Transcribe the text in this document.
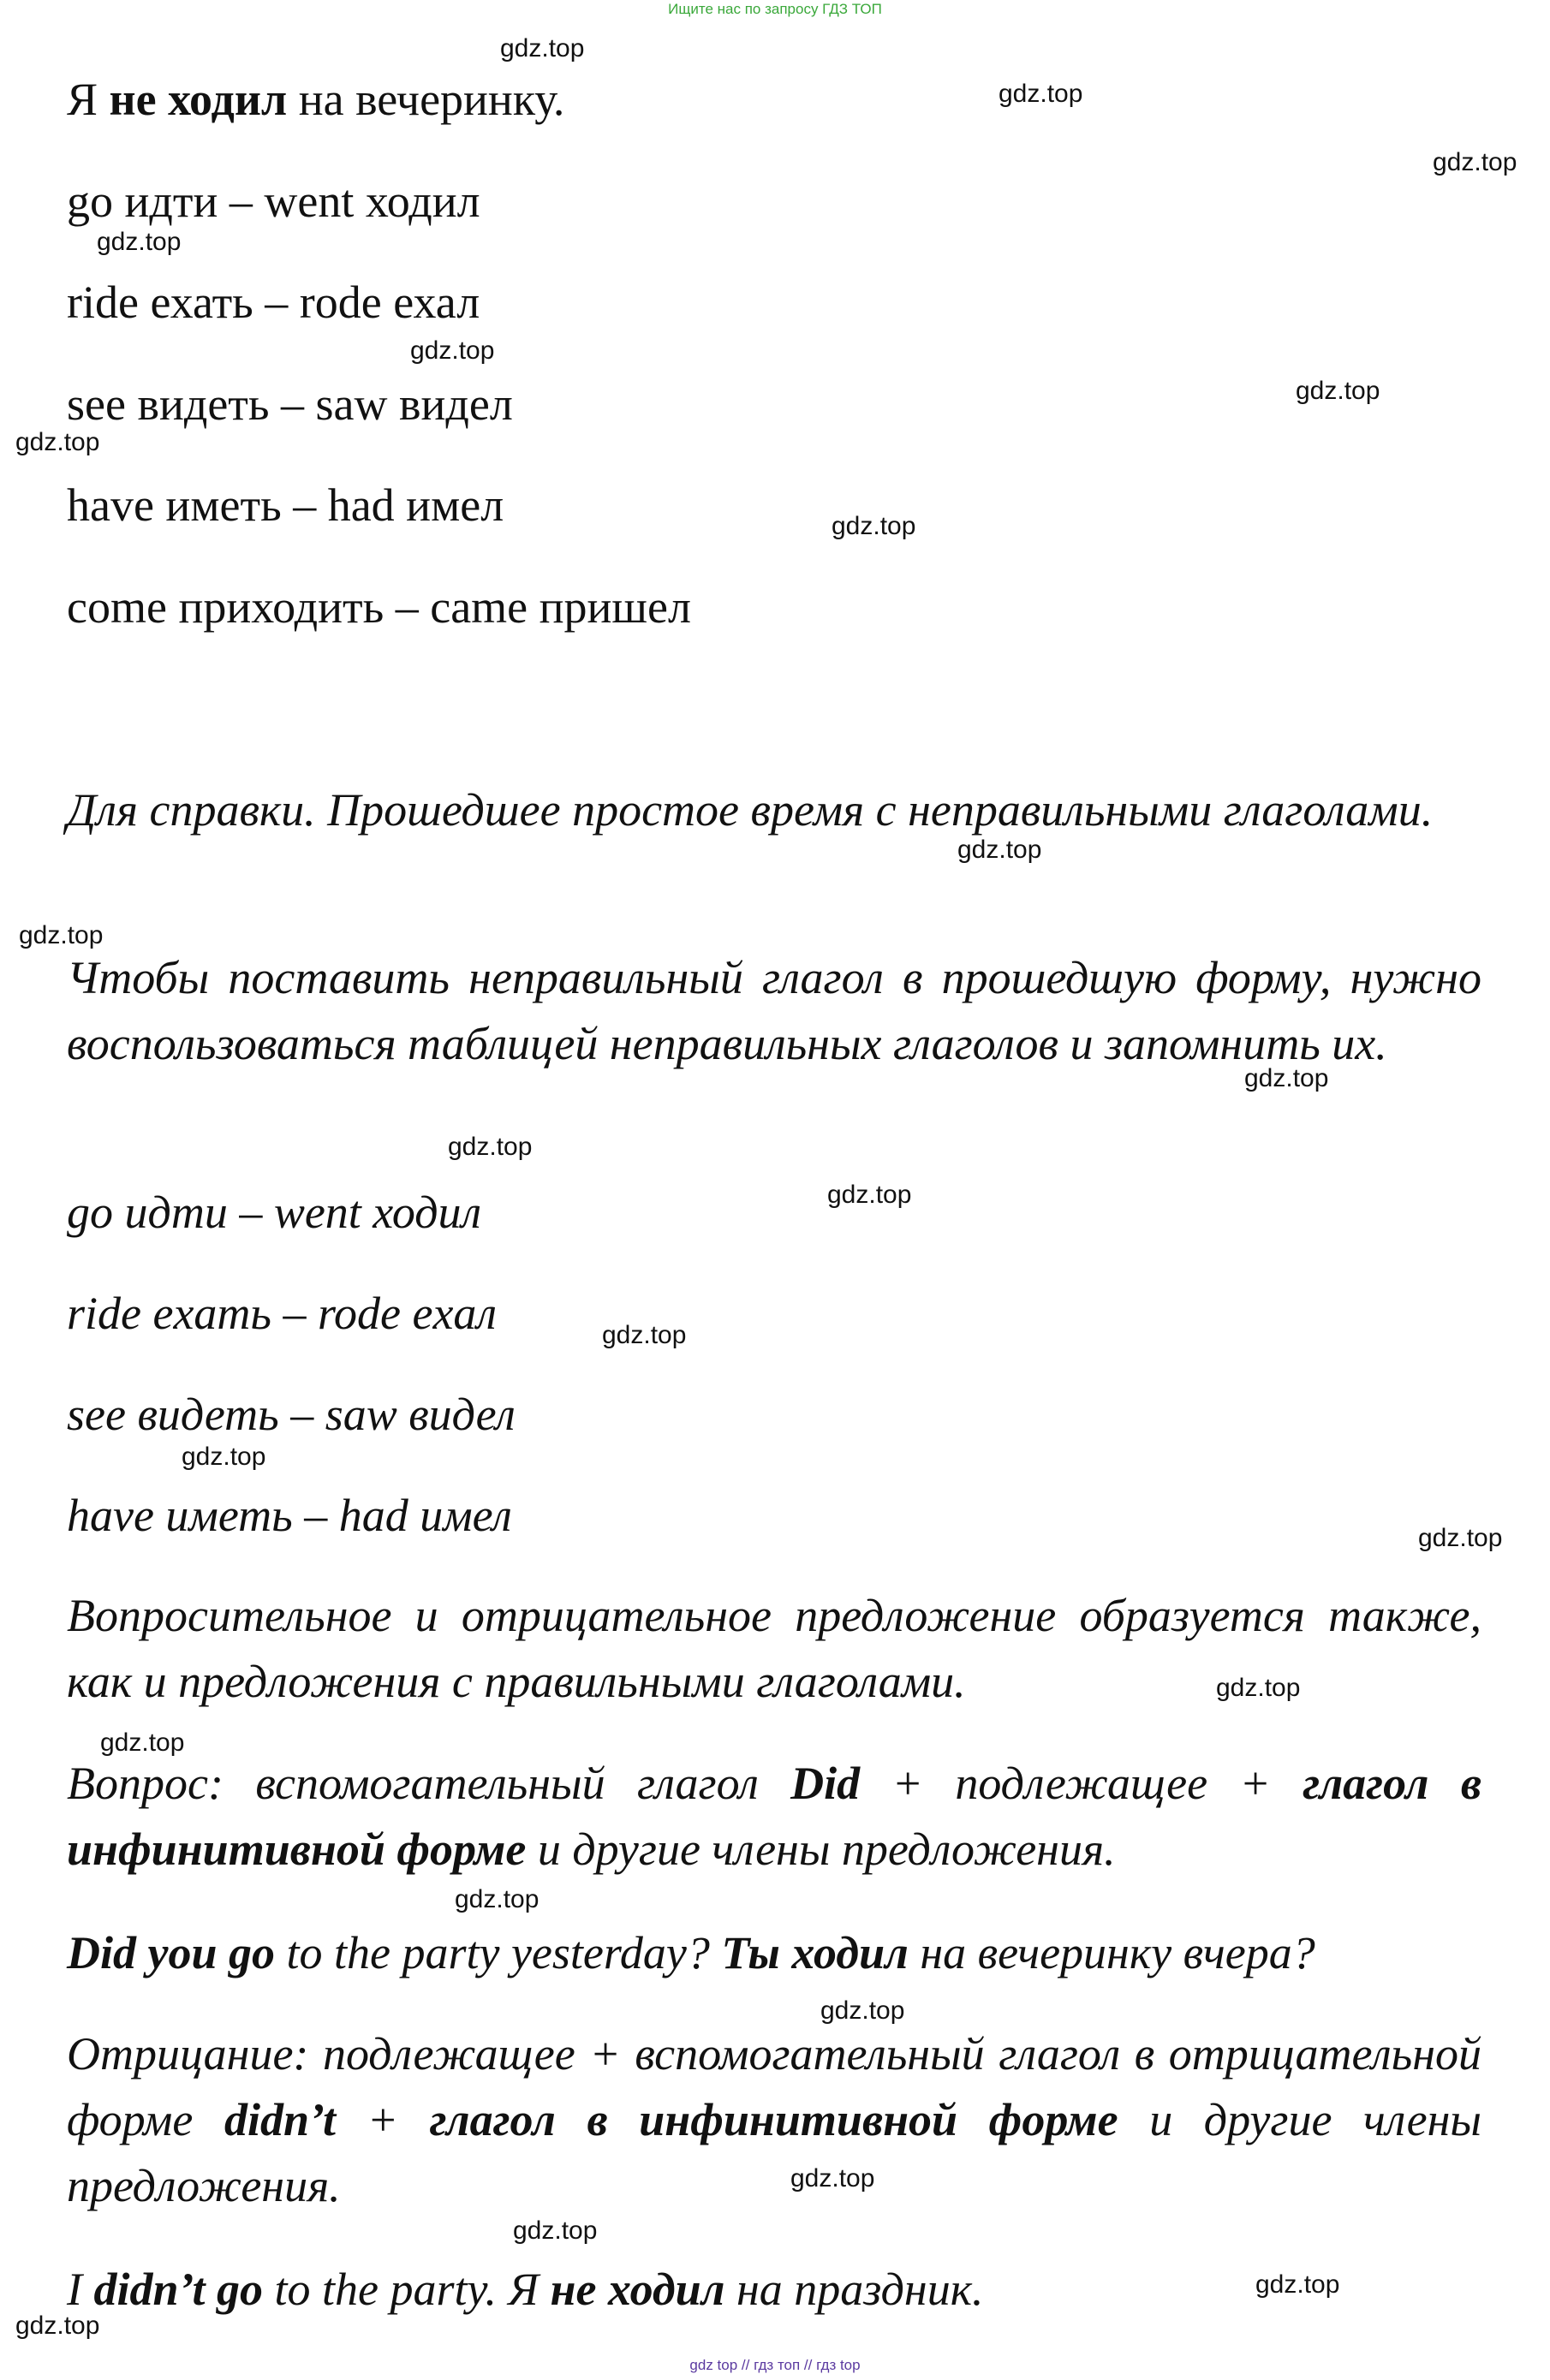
Ищите нас по запросу ГДЗ ТОП
Я не ходил на вечеринку.
go идти – went ходил
ride ехать – rode ехал
see видеть – saw видел
have иметь – had имел
come приходить – came пришел
Для справки. Прошедшее простое время с неправильными глаголами.
Чтобы поставить неправильный глагол в прошедшую форму, нужно воспользоваться таблицей неправильных глаголов и запомнить их.
go идти – went ходил
ride exать – rode exал
see видеть – saw видел
have иметь – had имел
Вопросительное и отрицательное предложение образуется также, как и предложения с правильными глаголами.
Вопрос: вспомогательный глагол Did + подлежащее + глагол в инфинитивной форме и другие члены предложения.
Did you go to the party yesterday? Ты ходил на вечеринку вчера?
Отрицание: подлежащее + вспомогательный глагол в отрицательной форме didn’t + глагол в инфинитивной форме и другие члены предложения.
I didn’t go to the party. Я не ходил на праздник.
gdz.top
gdz.top
gdz.top
gdz.top
gdz.top
gdz.top
gdz.top
gdz.top
gdz.top
gdz.top
gdz.top
gdz.top
gdz.top
gdz.top
gdz.top
gdz.top
gdz.top
gdz.top
gdz.top
gdz.top
gdz.top
gdz.top
gdz.top
gdz.top
gdz top // гдз топ // гдз top
